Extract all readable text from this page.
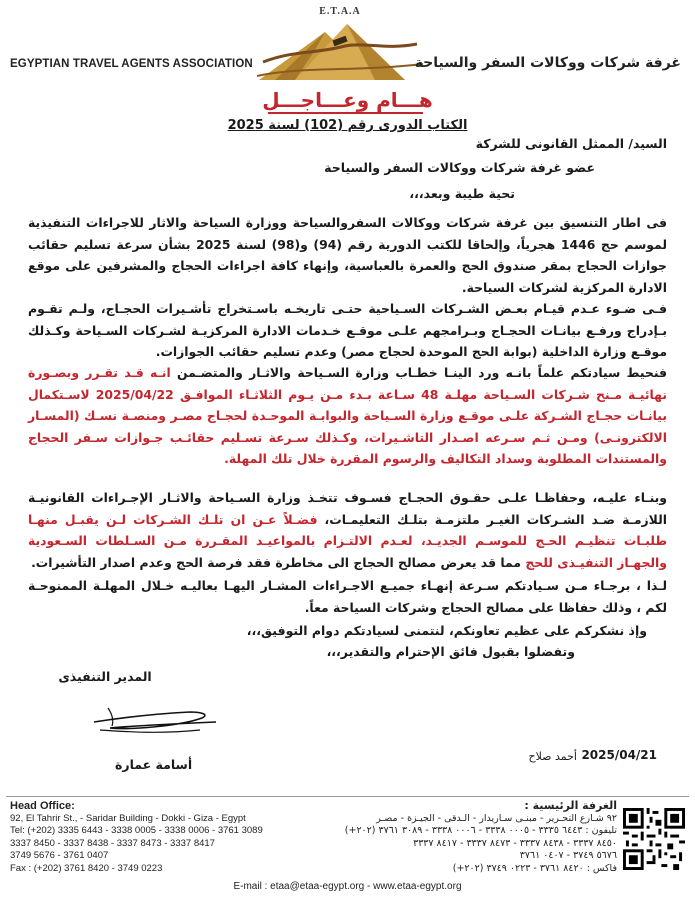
E.T.A.A
EGYPTIAN TRAVEL AGENTS ASSOCIATION	غرفة شركات ووكالات السفر والسياحة
هـــام وعـــاجـــل
الكتاب الدورى رقم (102) لسنة 2025
السيد/ الممثل القانونى للشركة
عضو غرفة شركات ووكالات السفر والسياحة
تحية طيبة وبعد،،،
فى اطار التنسيق بين غرفة شركات ووكالات السفروالسياحة ووزارة السياحة والاثار للاجراءات التنفيذية لموسم حج 1446 هجرياً، وإلحاقا للكتب الدورية رقم (94) و(98) لسنة 2025 بشأن سرعة تسليم حقائب جوازات الحجاج بمقر صندوق الحج والعمرة بالعباسية، وإنهاء كافة اجراءات الحجاج والمشرفين على موقع الادارة المركزية لشركات السياحة.
فـى ضـوء عـدم قيـام بعـض الشـركات السـياحية حتـى تاريخـه باسـتخراج تأشـيرات الحجـاج، ولـم تقـوم بـإدراج ورفـع بيانـات الحجـاج وبـرامجهم علـى موقـع خـدمات الادارة المركزيـة لشـركات السـياحة وكـذلك موقـع وزارة الداخلية (بوابة الحج الموحدة لحجاج مصر) وعدم تسليم حقائب الجوازات.
فنحيط سيادتكم علماً بانـه ورد الينـا خطـاب وزارة السـياحة والاثـار والمتضـمن انـه قـد تقـرر وبصـورة نهائيـة مـنح شـركات السـياحة مهلـة 48 سـاعة بـدء مـن يـوم الثلاثـاء الموافـق 2025/04/22 لاسـتكمال بيانـات حجـاج الشـركة علـى موقـع وزارة السـياحة والبوابـة الموحـدة لحجـاج مصـر ومنصـة نسـك (المسـار الالكترونـى) ومـن ثـم سـرعه اصـدار التاشـيرات، وكـذلك سـرعة تسـليم حقائـب جـوازات سـفر الحجاج والمستندات المطلوبة وسداد التكاليف والرسوم المقررة خلال تلك المهلة.
وبنـاء عليـه، وحفاظـا علـى حقـوق الحجـاج فسـوف تتخـذ وزارة السـياحة والاثـار الإجـراءات القانونيـة اللازمـة ضـد الشـركات الغيـر ملتزمـة بتلـك التعليمـات، فضـلاً عـن ان تلـك الشـركات لـن يقبـل منهـا طلبـات تنظيـم الحـج للموسـم الجديـد، لعـدم الالتـزام بالمواعيـد المقـررة مـن السـلطات السـعودية والجهـاز التنفيـذى للحج مما قد يعرض مصالح الحجاج الى مخاطرة فقد فرصة الحج وعدم اصدار التأشيرات.
لـذا ، برجـاء مـن سـيادتكم سـرعة إنهـاء جميـع الاجـراءات المشـار اليهـا بعاليـه خـلال المهلـة الممنوحـة لكم ، وذلك حفاظا على مصالح الحجاج وشركات السياحة معاً.
وإذ نشكركم على عظيم تعاونكم، لنتمنى لسيادتكم دوام التوفيق،،،
وتفضلوا بقبول فائق الإحترام والتقدير،،،
المدير التنفيذى
أسامة عمارة
2025/04/21
أحمد صلاح
Head Office:
92, El Tahrir St., - Saridar Building - Dokki - Giza - Egypt
Tel: (+202) 3335 6443 - 3338 0005 - 3338 0006 - 3761 3089
3337 8450 - 3337 8438 - 3337 8473 - 3337 8417
3749 5676 - 3761 0407
Fax : (+202) 3761 8420 - 3749 0223
الغرفة الرئيسية :
٩٢ شـارع التحـرير - مبنـى سـاريدار - الـدقى - الجيـزة - مصـر
تليفون : ٦٤٤٣ ٣٣٣٥ - ٠٠٠٥ ٣٣٣٨ - ٠٠٠٦ ٣٣٣٨ - ٣٠٨٩ ٣٧٦١ (٢٠٢+)
٨٤٥٠ ٣٣٣٧ - ٨٤٣٨ ٣٣٣٧ - ٨٤٧٣ ٣٣٣٧ - ٨٤١٧ ٣٣٣٧
٥٦٧٦ ٣٧٤٩ - ٠٤٠٧ ٣٧٦١
فاكس : ٨٤٢٠ ٣٧٦١ - ٠٢٢٣ ٣٧٤٩ (٢٠٢+)
E-mail : etaa@etaa-egypt.org - www.etaa-egypt.org
